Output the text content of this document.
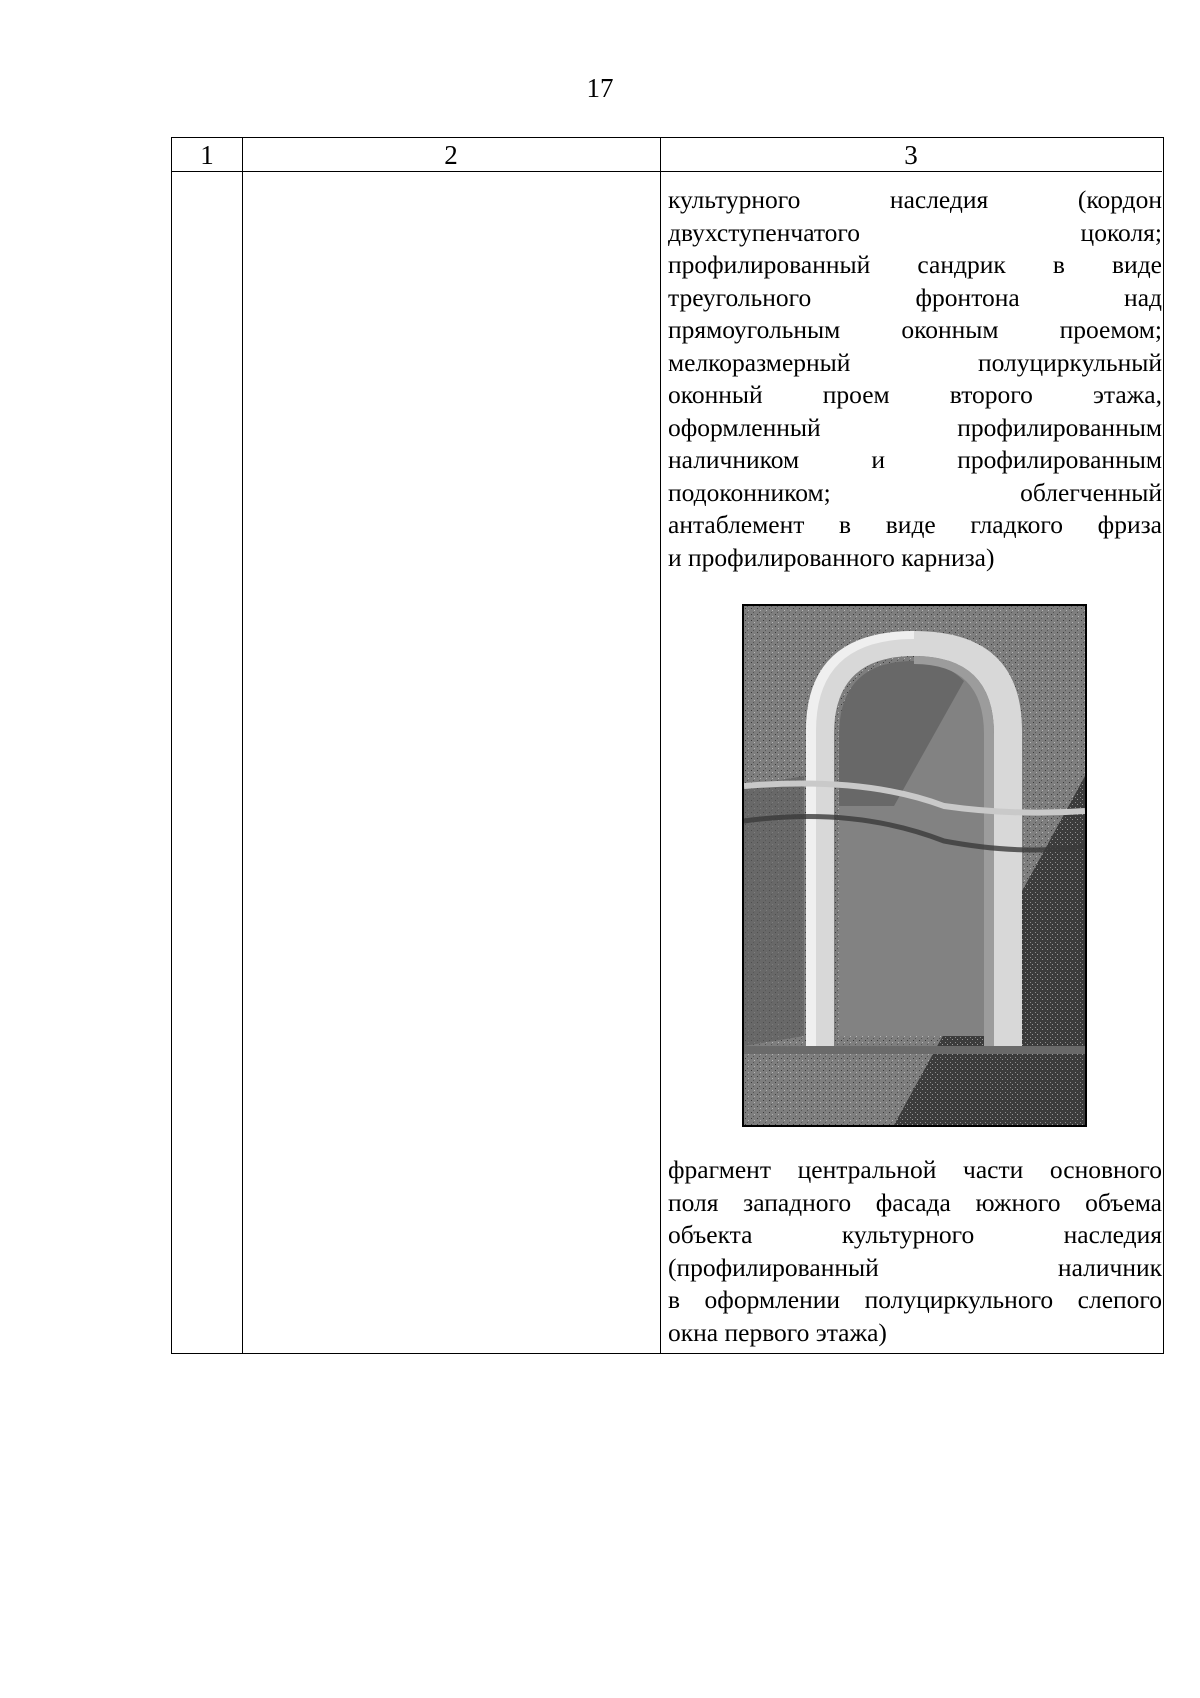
17
1	2	3
культурного наследия (кордон
двухступенчатого цоколя;
профилированный сандрик в виде
треугольного фронтона над
прямоугольным оконным проемом;
мелкоразмерный полуциркульный
оконный проем второго этажа,
оформленный профилированным
наличником и профилированным
подоконником; облегченный
антаблемент в виде гладкого фриза
и профилированного карниза)
фрагмент центральной части основного
поля западного фасада южного объема
объекта культурного наследия
(профилированный наличник
в оформлении полуциркульного слепого
окна первого этажа)
